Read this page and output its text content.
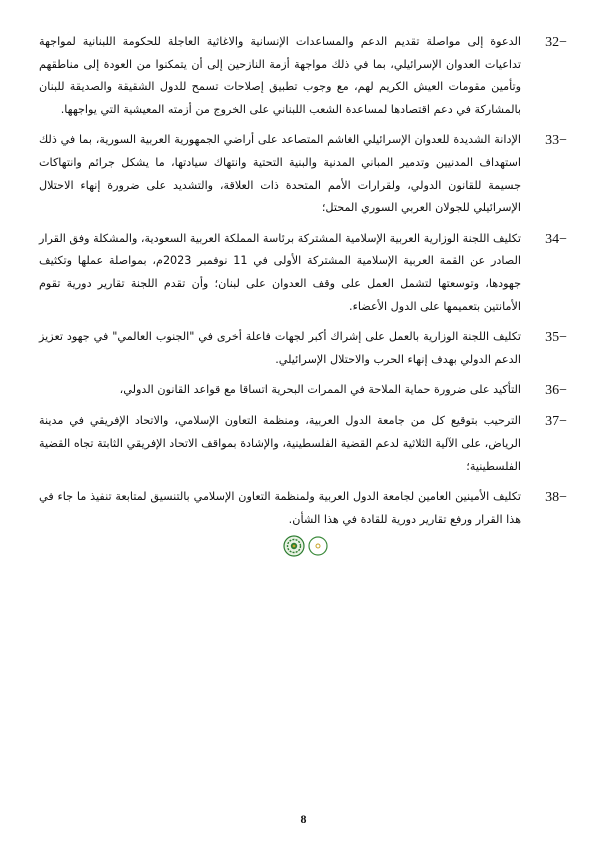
32−
الدعوة إلى مواصلة تقديم الدعم والمساعدات الإنسانية والاغاثية العاجلة للحكومة اللبنانية لمواجهة تداعيات العدوان الإسرائيلي، بما في ذلك مواجهة أزمة النازحين إلى أن يتمكنوا من العودة إلى مناطقهم وتأمين مقومات العيش الكريم لهم، مع وجوب تطبيق إصلاحات تسمح للدول الشقيقة والصديقة للبنان بالمشاركة في دعم اقتصادها لمساعدة الشعب اللبناني على الخروج من أزمته المعيشية التي يواجهها.
33−
الإدانة الشديدة للعدوان الإسرائيلي الغاشم المتصاعد على أراضي الجمهورية العربية السورية، بما في ذلك استهداف المدنيين وتدمير المباني المدنية والبنية التحتية وانتهاك سيادتها، ما يشكل جرائم وانتهاكات جسيمة للقانون الدولي، ولقرارات الأمم المتحدة ذات العلاقة، والتشديد على ضرورة إنهاء الاحتلال الإسرائيلي للجولان العربي السوري المحتل؛
34−
تكليف اللجنة الوزارية العربية الإسلامية المشتركة برئاسة المملكة العربية السعودية، والمشكلة وفق القرار الصادر عن القمة العربية الإسلامية المشتركة الأولى في 11 نوفمبر 2023م، بمواصلة عملها وتكثيف جهودها، وتوسعتها لتشمل العمل على وقف العدوان على لبنان؛ وأن تقدم اللجنة تقارير دورية تقوم الأمانتين بتعميمها على الدول الأعضاء.
35−
تكليف اللجنة الوزارية بالعمل على إشراك أكبر لجهات فاعلة أخرى في "الجنوب العالمي" في جهود تعزيز الدعم الدولي بهدف إنهاء الحرب والاحتلال الإسرائيلي.
36−
التأكيد على ضرورة حماية الملاحة في الممرات البحرية اتساقا مع قواعد القانون الدولي،
37−
الترحيب بتوقيع كل من جامعة الدول العربية، ومنظمة التعاون الإسلامي، والاتحاد الإفريقي في مدينة الرياض، على الآلية الثلاثية لدعم القضية الفلسطينية، والإشادة بمواقف الاتحاد الإفريقي الثابتة تجاه القضية الفلسطينية؛
38−
تكليف الأمينين العامين لجامعة الدول العربية ولمنظمة التعاون الإسلامي بالتنسيق لمتابعة تنفيذ ما جاء في هذا القرار ورفع تقارير دورية للقادة في هذا الشأن.
8
